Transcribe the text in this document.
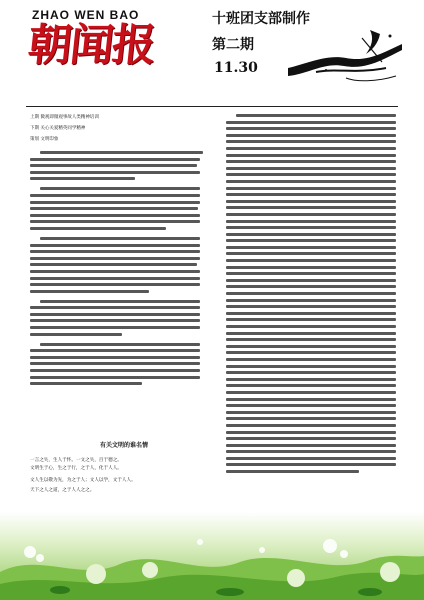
ZHAO WEN BAO
朝闻报
十班团支部制作
第二期
11.30
上期 微观即微观事故人类精神培训
下期 关心关爱精英同学精神
策划 文明印象
有关文明的谁名情
一言之失，生人于怀。一文之失，百于德之。
文明生于心，生之于行，之于人，化于人人。
文人生以敬为先，为之于人；文人以学，文于人人。
天下之人之道，之于人人之之。
